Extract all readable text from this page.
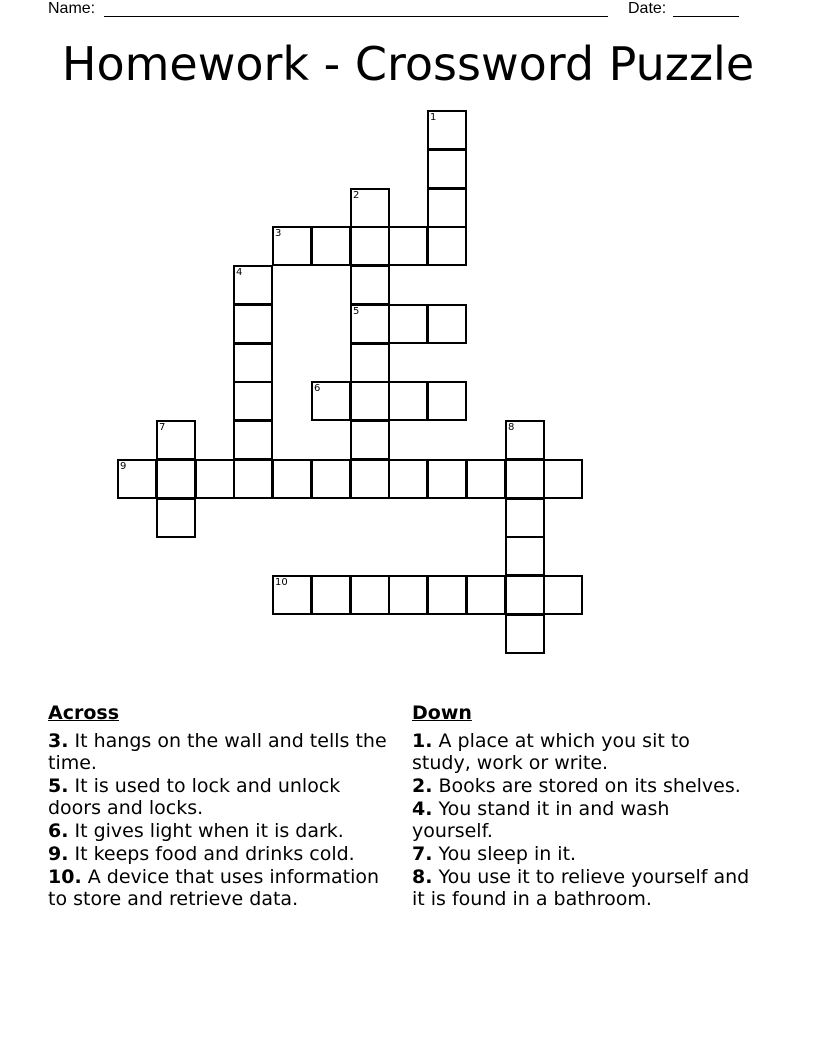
Name:	Date:
Homework - Crossword Puzzle
1
2
3
4
5
6
7	8
9
10
Across
3. It hangs on the wall and tells the time.
5. It is used to lock and unlock doors and locks.
6. It gives light when it is dark.
9. It keeps food and drinks cold.
10. A device that uses information to store and retrieve data.
Down
1. A place at which you sit to study, work or write.
2. Books are stored on its shelves.
4. You stand it in and wash yourself.
7. You sleep in it.
8. You use it to relieve yourself and it is found in a bathroom.
